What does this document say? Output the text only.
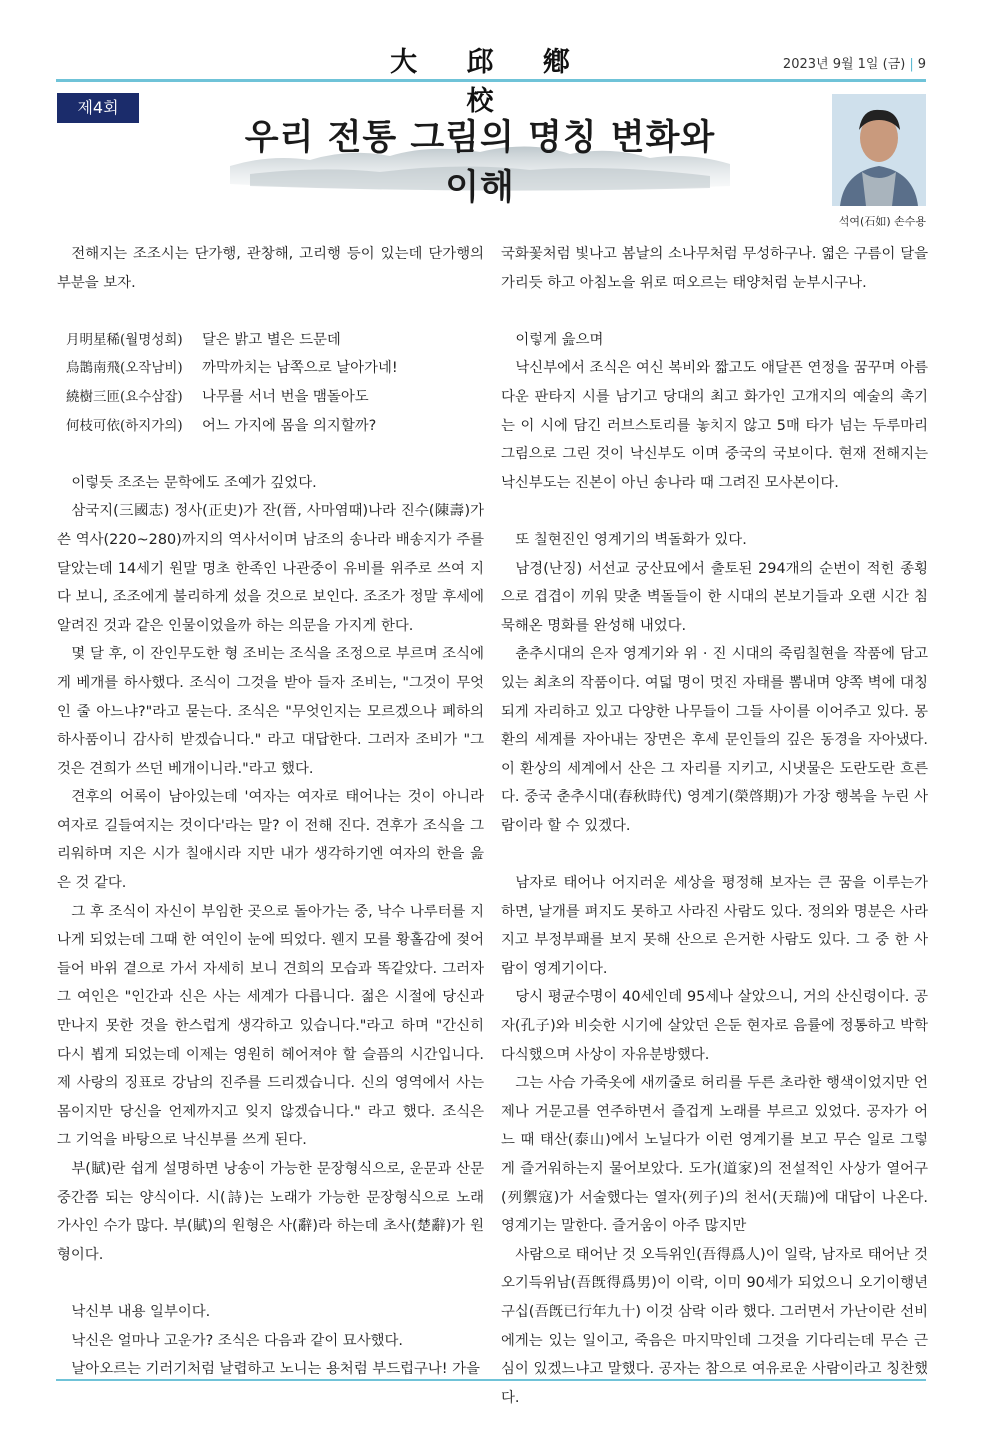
大 邱 鄕 校
2023년 9월 1일 (금) | 9
제4회
우리 전통 그림의 명칭 변화와 이해
석여(石如) 손수용

전해지는 조조시는 단가행, 관창해, 고리행 등이 있는데 단가행의 부분을 보자.

月明星稀(월명성희)	달은 밝고 별은 드문데
烏鵲南飛(오작남비)	까막까치는 남쪽으로 날아가네!
繞樹三匝(요수삼잡)	나무를 서너 번을 맴돌아도
何枝可依(하지가의)	어느 가지에 몸을 의지할까?

이렇듯 조조는 문학에도 조예가 깊었다.

삼국지(三國志) 정사(正史)가 잔(晉, 사마염때)나라 진수(陳壽)가 쓴 역사(220~280)까지의 역사서이며 남조의 송나라 배송지가 주를 달았는데 14세기 원말 명초 한족인 나관중이 유비를 위주로 쓰여 지다 보니, 조조에게 불리하게 섰을 것으로 보인다. 조조가 정말 후세에 알려진 것과 같은 인물이었을까 하는 의문을 가지게 한다.

몇 달 후, 이 잔인무도한 형 조비는 조식을 조정으로 부르며 조식에게 베개를 하사했다. 조식이 그것을 받아 들자 조비는, "그것이 무엇인 줄 아느냐?"라고 묻는다. 조식은 "무엇인지는 모르겠으나 폐하의 하사품이니 감사히 받겠습니다." 라고 대답한다. 그러자 조비가 "그것은 견희가 쓰던 베개이니라."라고 했다.

견후의 어록이 남아있는데 '여자는 여자로 태어나는 것이 아니라 여자로 길들여지는 것이다'라는 말? 이 전해 진다. 견후가 조식을 그리워하며 지은 시가 칠애시라 지만 내가 생각하기엔 여자의 한을 읊은 것 같다.

그 후 조식이 자신이 부임한 곳으로 돌아가는 중, 낙수 나루터를 지나게 되었는데 그때 한 여인이 눈에 띄었다. 웬지 모를 황홀감에 젖어 들어 바위 곁으로 가서 자세히 보니 견희의 모습과 똑같았다. 그러자 그 여인은 "인간과 신은 사는 세계가 다릅니다. 젊은 시절에 당신과 만나지 못한 것을 한스럽게 생각하고 있습니다."라고 하며 "간신히 다시 뵙게 되었는데 이제는 영원히 헤어져야 할 슬픔의 시간입니다. 제 사랑의 징표로 강남의 진주를 드리겠습니다. 신의 영역에서 사는 몸이지만 당신을 언제까지고 잊지 않겠습니다." 라고 했다. 조식은 그 기억을 바탕으로 낙신부를 쓰게 된다.

부(賦)란 쉽게 설명하면 낭송이 가능한 문장형식으로, 운문과 산문 중간쯤 되는 양식이다. 시(詩)는 노래가 가능한 문장형식으로 노래 가사인 수가 많다. 부(賦)의 원형은 사(辭)라 하는데 초사(楚辭)가 원형이다.

낙신부 내용 일부이다.

낙신은 얼마나 고운가? 조식은 다음과 같이 묘사했다.

날아오르는 기러기처럼 날렵하고 노니는 용처럼 부드럽구나! 가을

국화꽃처럼 빛나고 봄날의 소나무처럼 무성하구나. 엷은 구름이 달을 가리듯 하고 아침노을 위로 떠오르는 태양처럼 눈부시구나.

이렇게 읊으며

낙신부에서 조식은 여신 복비와 짧고도 애달픈 연정을 꿈꾸며 아름다운 판타지 시를 남기고 당대의 최고 화가인 고개지의 예술의 촉기는 이 시에 담긴 러브스토리를 놓치지 않고 5매 타가 넘는 두루마리 그림으로 그린 것이 낙신부도 이며 중국의 국보이다. 현재 전해지는 낙신부도는 진본이 아닌 송나라 때 그려진 모사본이다.

또 칠현진인 영계기의 벽돌화가 있다.

남경(난징) 서선교 궁산묘에서 출토된 294개의 순번이 적힌 종횡으로 겹겹이 끼워 맞춘 벽돌들이 한 시대의 본보기들과 오랜 시간 침묵해온 명화를 완성해 내었다.

춘추시대의 은자 영계기와 위 · 진 시대의 죽림칠현을 작품에 담고 있는 최초의 작품이다. 여덟 명이 멋진 자태를 뽐내며 양쪽 벽에 대칭되게 자리하고 있고 다양한 나무들이 그들 사이를 이어주고 있다. 몽환의 세계를 자아내는 장면은 후세 문인들의 깊은 동경을 자아냈다. 이 환상의 세계에서 산은 그 자리를 지키고, 시냇물은 도란도란 흐른다. 중국 춘추시대(春秋時代) 영계기(榮啓期)가 가장 행복을 누린 사람이라 할 수 있겠다.

남자로 태어나 어지러운 세상을 평정해 보자는 큰 꿈을 이루는가 하면, 날개를 펴지도 못하고 사라진 사람도 있다. 정의와 명분은 사라지고 부정부패를 보지 못해 산으로 은거한 사람도 있다. 그 중 한 사람이 영계기이다.

당시 평균수명이 40세인데 95세나 살았으니, 거의 산신령이다. 공자(孔子)와 비슷한 시기에 살았던 은둔 현자로 음률에 정통하고 박학다식했으며 사상이 자유분방했다.

그는 사슴 가죽옷에 새끼줄로 허리를 두른 초라한 행색이었지만 언제나 거문고를 연주하면서 즐겁게 노래를 부르고 있었다. 공자가 어느 때 태산(泰山)에서 노닐다가 이런 영계기를 보고 무슨 일로 그렇게 즐거워하는지 물어보았다. 도가(道家)의 전설적인 사상가 열어구(列禦寇)가 서술했다는 열자(列子)의 천서(天瑞)에 대답이 나온다. 영계기는 말한다. 즐거움이 아주 많지만

사람으로 태어난 것 오득위인(吾得爲人)이 일락, 남자로 태어난 것 오기득위남(吾旣得爲男)이 이락, 이미 90세가 되었으니 오기이행년구십(吾旣已行年九十) 이것 삼락 이라 했다. 그러면서 가난이란 선비에게는 있는 일이고, 죽음은 마지막인데 그것을 기다리는데 무슨 근심이 있겠느냐고 말했다. 공자는 참으로 여유로운 사람이라고 칭찬했다.
